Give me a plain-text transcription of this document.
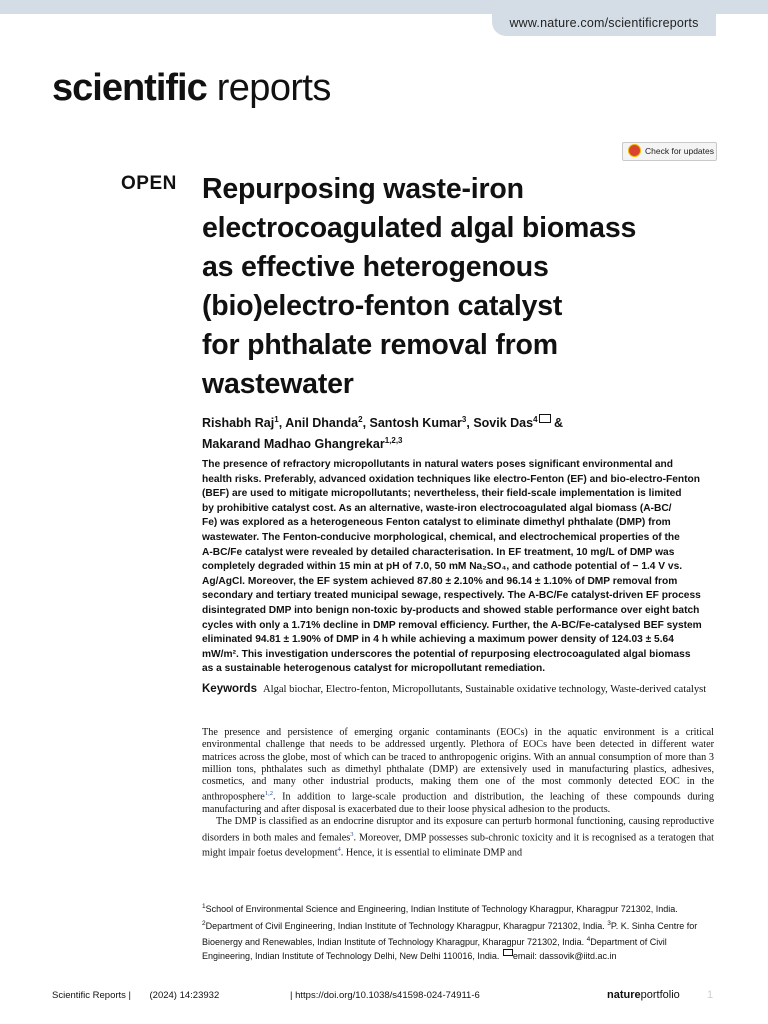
www.nature.com/scientificreports
scientific reports
Check for updates
OPEN Repurposing waste-iron
electrocoagulated algal biomass
as effective heterogenous
(bio)electro-fenton catalyst
for phthalate removal from
wastewater
Rishabh Raj$^1$, Anil Dhanda$^2$, Santosh Kumar$^3$, Sovik Das$^4$ &
Makarand Madhao Ghangrekar$^{1,2,3}$
The presence of refractory micropollutants in natural waters poses significant environmental and
health risks. Preferably, advanced oxidation techniques like electro-Fenton (EF) and bio-electro-Fenton
(BEF) are used to mitigate micropollutants; nevertheless, their field-scale implementation is limited
by prohibitive catalyst cost. As an alternative, waste-iron electrocoagulated algal biomass (A-BC/
Fe) was explored as a heterogeneous Fenton catalyst to eliminate dimethyl phthalate (DMP) from
wastewater. The Fenton-conducive morphological, chemical, and electrochemical properties of the
A-BC/Fe catalyst were revealed by detailed characterisation. In EF treatment, 10 mg/L of DMP was
completely degraded within 15 min at pH of 7.0, 50 mM Na₂SO₄, and cathode potential of − 1.4 V vs.
Ag/AgCl. Moreover, the EF system achieved 87.80 ± 2.10% and 96.14 ± 1.10% of DMP removal from
secondary and tertiary treated municipal sewage, respectively. The A-BC/Fe catalyst-driven EF process
disintegrated DMP into benign non-toxic by-products and showed stable performance over eight batch
cycles with only a 1.71% decline in DMP removal efficiency. Further, the A-BC/Fe-catalysed BEF system
eliminated 94.81 ± 1.90% of DMP in 4 h while achieving a maximum power density of 124.03 ± 5.64
mW/m². This investigation underscores the potential of repurposing electrocoagulated algal biomass
as a sustainable heterogenous catalyst for micropollutant remediation.
Keywords Algal biochar, Electro-fenton, Micropollutants, Sustainable oxidative technology, Waste-derived catalyst

The presence and persistence of emerging organic contaminants (EOCs) in the aquatic environment is a critical environmental challenge that needs to be addressed urgently. Plethora of EOCs have been detected in different water matrices across the globe, most of which can be traced to anthropogenic origins. With an annual consumption of more than 3 million tons, phthalates such as dimethyl phthalate (DMP) are extensively used in manufacturing plastics, adhesives, cosmetics, and many other industrial products, making them one of the most commonly detected EOC in the anthroposphere$^{1,2}$. In addition to large-scale production and distribution, the leaching of these compounds during manufacturing and after disposal is exacerbated due to their loose physical adhesion to the products.

The DMP is classified as an endocrine disruptor and its exposure can perturb hormonal functioning, causing reproductive disorders in both males and females$^3$. Moreover, DMP possesses sub-chronic toxicity and it is recognised as a teratogen that might impair foetus development$^4$. Hence, it is essential to eliminate DMP and

$^1$School of Environmental Science and Engineering, Indian Institute of Technology Kharagpur, Kharagpur 721302, India. $^2$Department of Civil Engineering, Indian Institute of Technology Kharagpur, Kharagpur 721302, India. $^3$P. K. Sinha Centre for Bioenergy and Renewables, Indian Institute of Technology Kharagpur, Kharagpur 721302, India. $^4$Department of Civil Engineering, Indian Institute of Technology Delhi, New Delhi 110016, India. email: dassovik@iitd.ac.in
Scientific Reports |       (2024) 14:23932	| https://doi.org/10.1038/s41598-024-74911-6	natureportfolio 1
